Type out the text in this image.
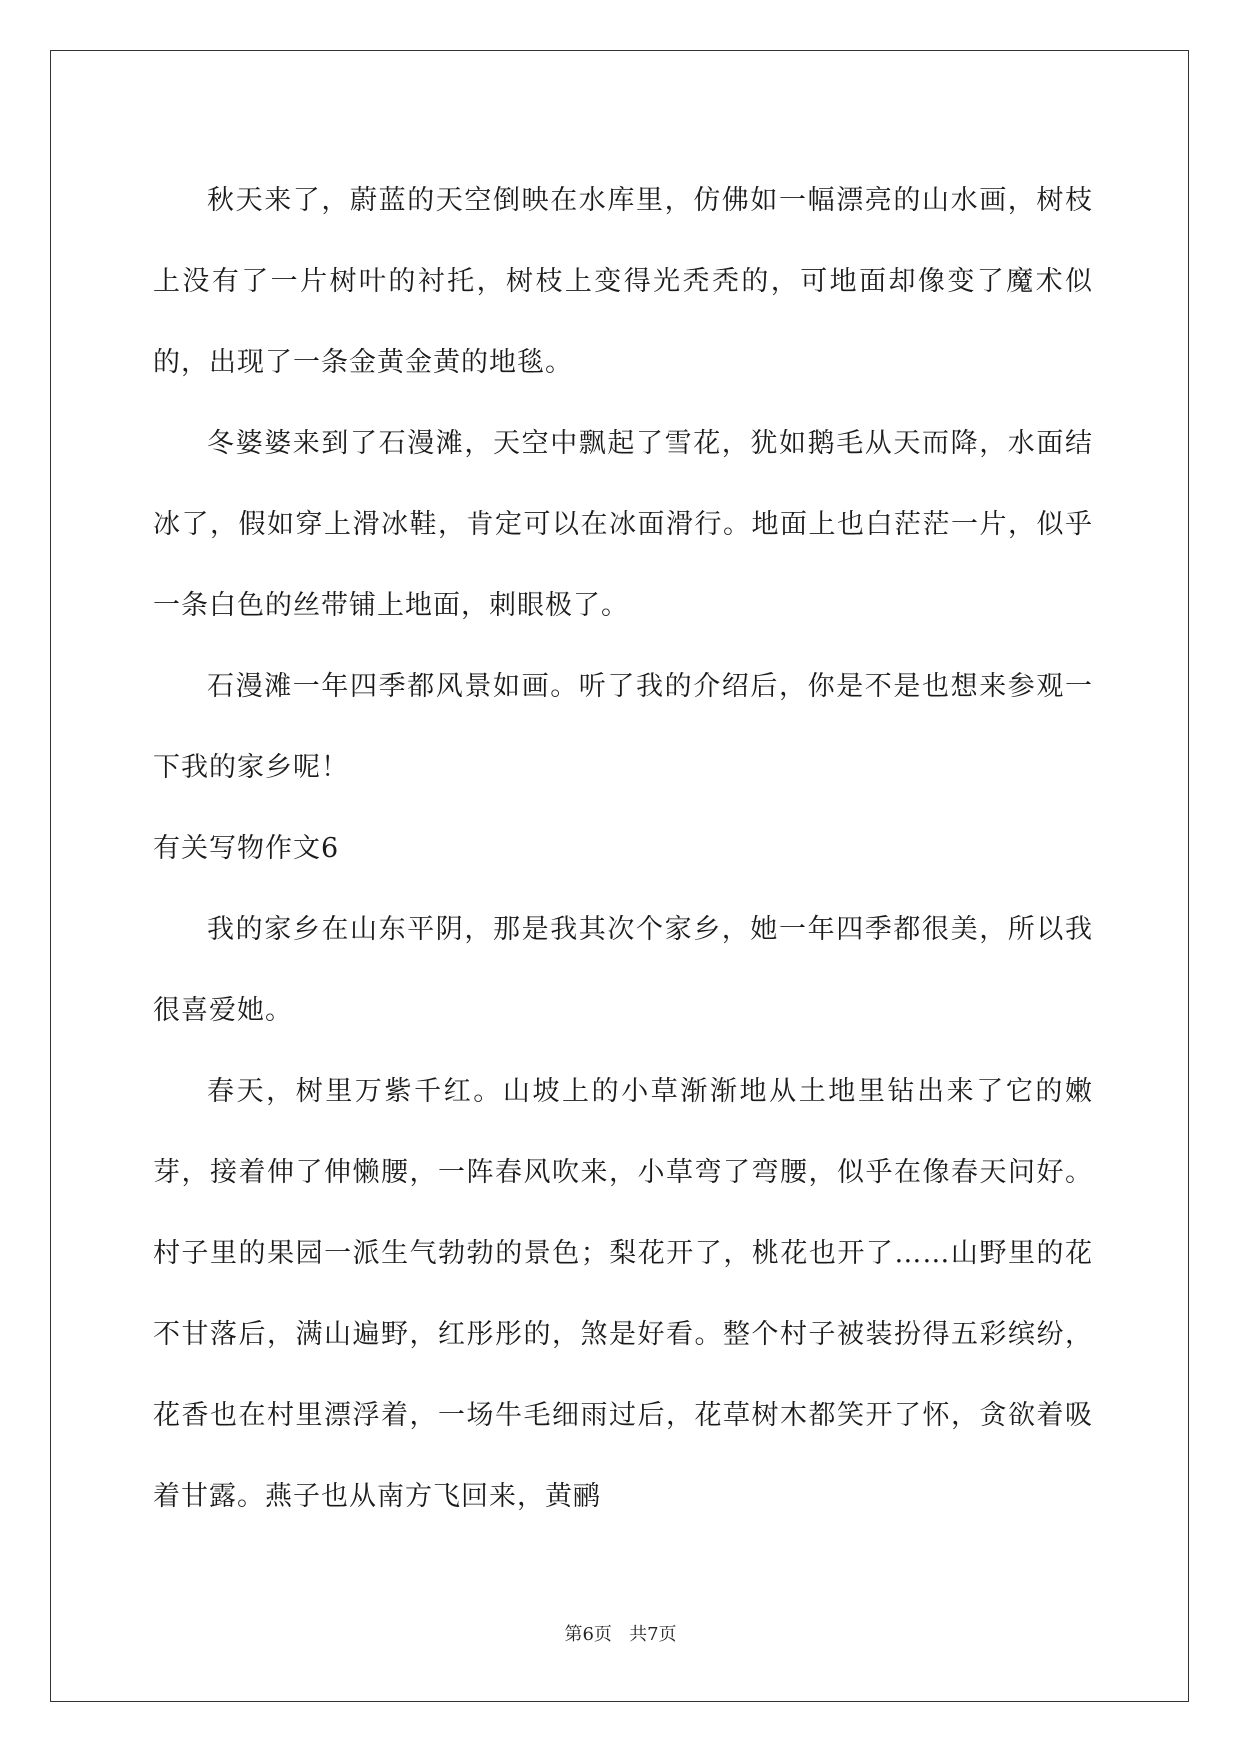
秋天来了，蔚蓝的天空倒映在水库里，仿佛如一幅漂亮的山水画，树枝上没有了一片树叶的衬托，树枝上变得光秃秃的，可地面却像变了魔术似的，出现了一条金黄金黄的地毯。

冬婆婆来到了石漫滩，天空中飘起了雪花，犹如鹅毛从天而降，水面结冰了，假如穿上滑冰鞋，肯定可以在冰面滑行。地面上也白茫茫一片，似乎一条白色的丝带铺上地面，刺眼极了。

石漫滩一年四季都风景如画。听了我的介绍后，你是不是也想来参观一下我的家乡呢！

有关写物作文6

我的家乡在山东平阴，那是我其次个家乡，她一年四季都很美，所以我很喜爱她。

春天，树里万紫千红。山坡上的小草渐渐地从土地里钻出来了它的嫩芽，接着伸了伸懒腰，一阵春风吹来，小草弯了弯腰，似乎在像春天问好。村子里的果园一派生气勃勃的景色；梨花开了，桃花也开了……山野里的花不甘落后，满山遍野，红彤彤的，煞是好看。整个村子被装扮得五彩缤纷，花香也在村里漂浮着，一场牛毛细雨过后，花草树木都笑开了怀，贪欲着吸着甘露。燕子也从南方飞回来，黄鹂

第6页 共7页
